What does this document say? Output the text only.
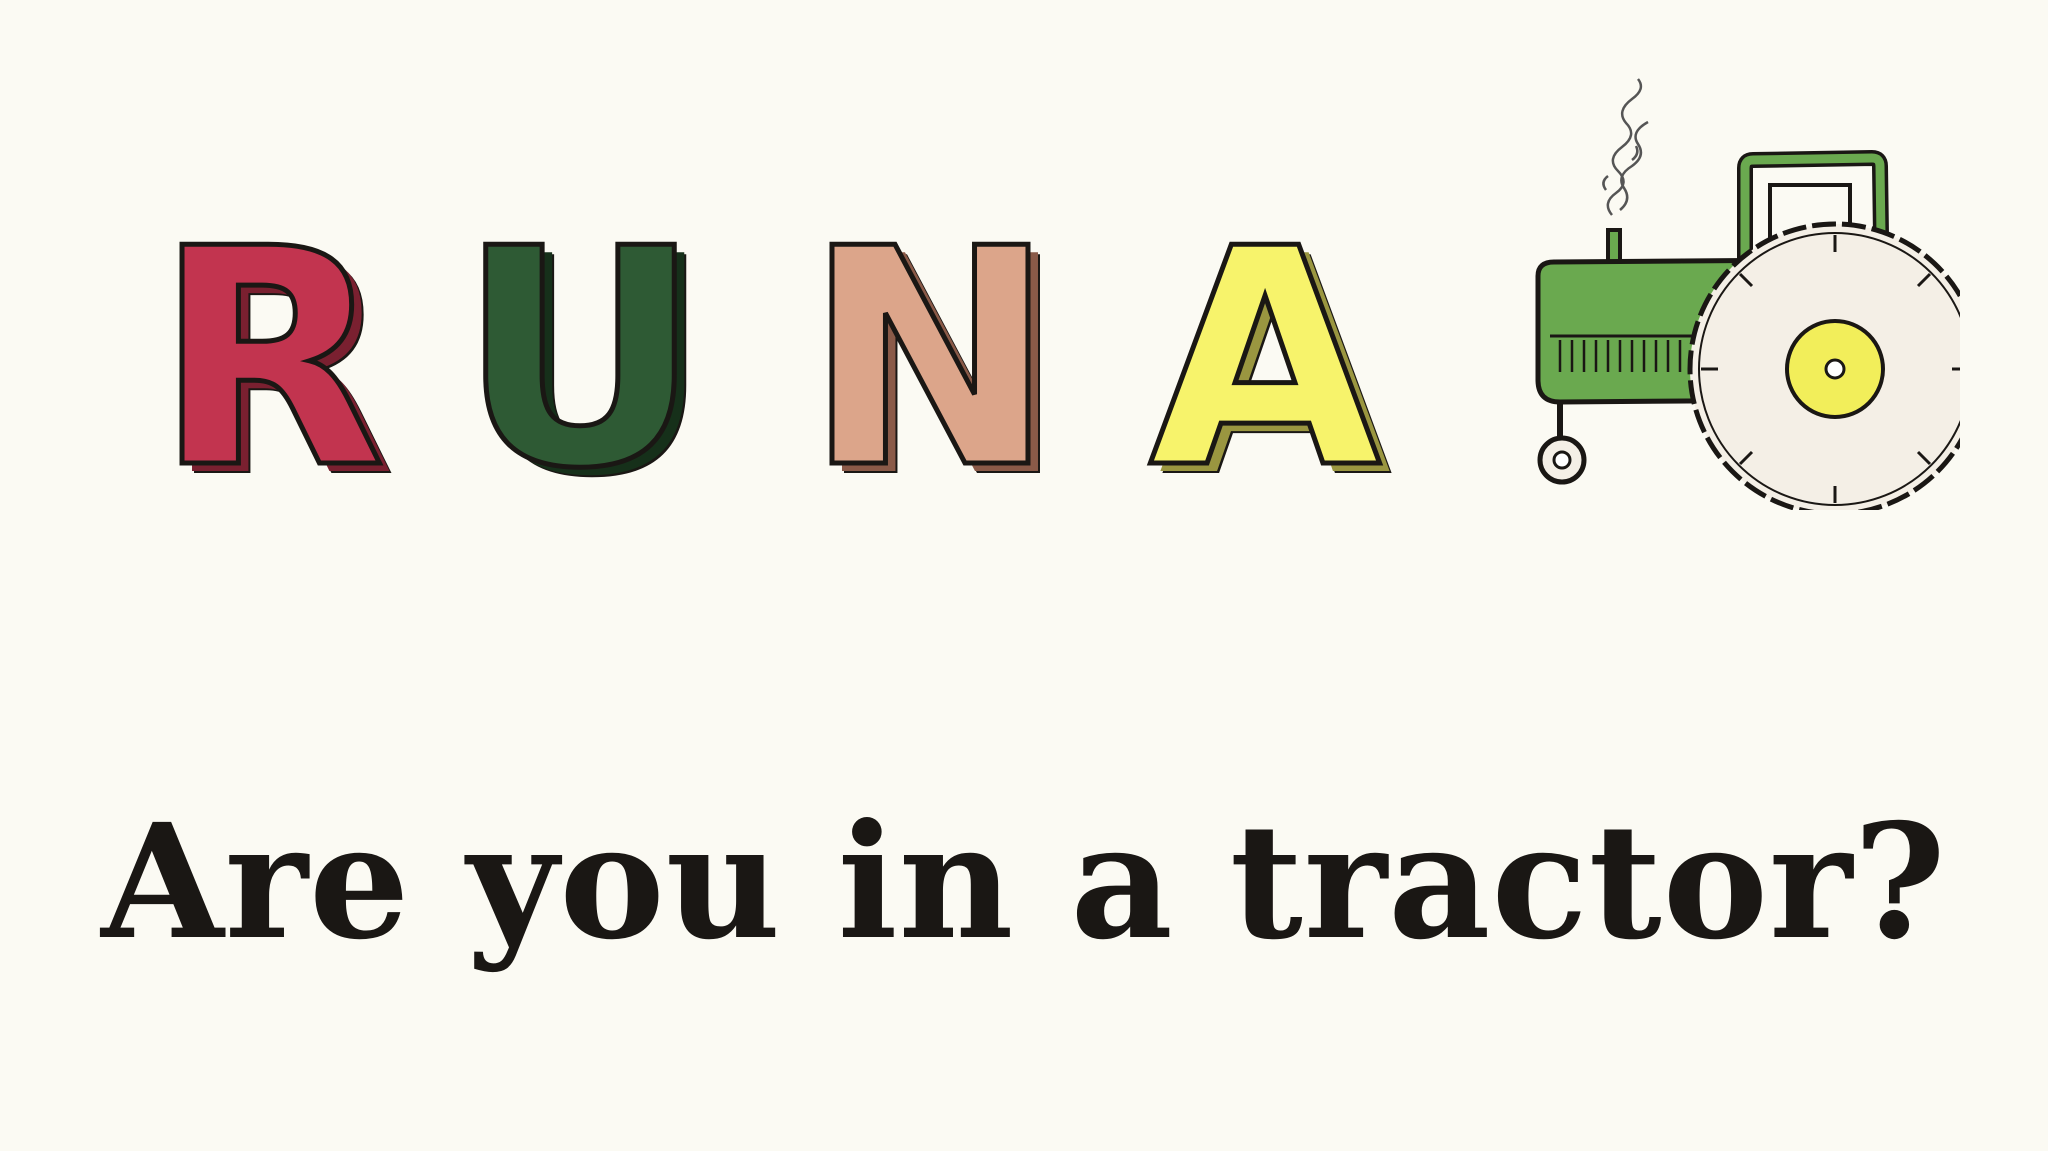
R U N A
Are you in a tractor?
